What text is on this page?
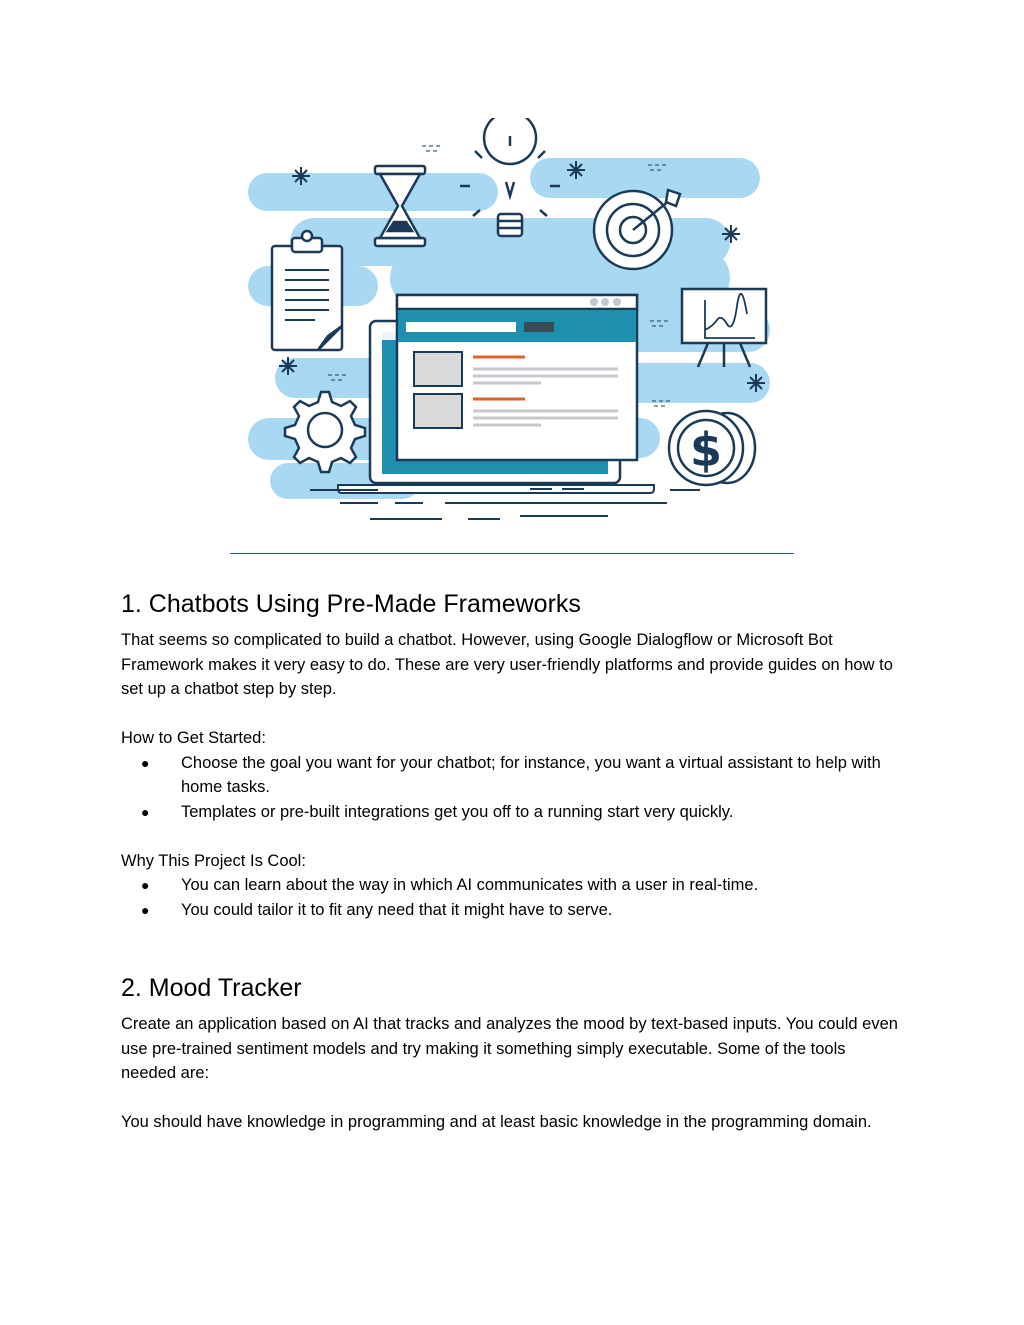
$
1. Chatbots Using Pre-Made Frameworks

That seems so complicated to build a chatbot. However, using Google Dialogflow or Microsoft Bot Framework makes it very easy to do. These are very user-friendly platforms and provide guides on how to set up a chatbot step by step.

How to Get Started:

● Choose the goal you want for your chatbot; for instance, you want a virtual assistant to help with home tasks.
● Templates or pre-built integrations get you off to a running start very quickly.

Why This Project Is Cool:

● You can learn about the way in which AI communicates with a user in real-time.
● You could tailor it to fit any need that it might have to serve.
2. Mood Tracker

Create an application based on AI that tracks and analyzes the mood by text-based inputs. You could even use pre-trained sentiment models and try making it something simply executable. Some of the tools needed are:

You should have knowledge in programming and at least basic knowledge in the programming domain.
